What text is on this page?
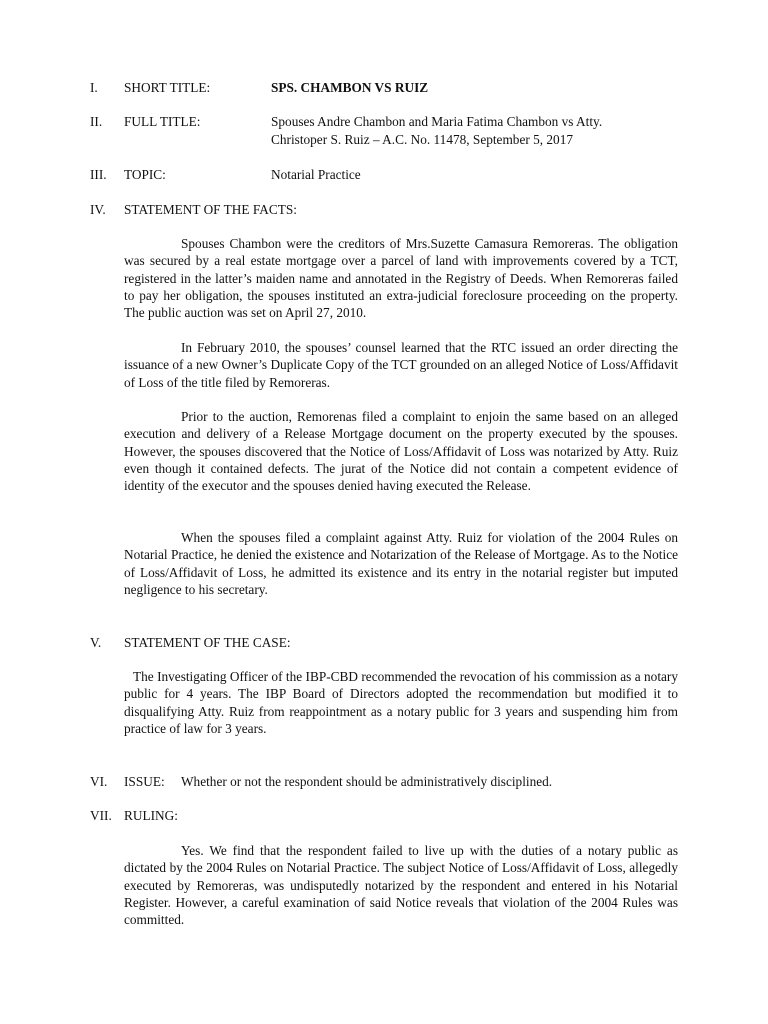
I. SHORT TITLE:	SPS. CHAMBON VS RUIZ
II. FULL TITLE:	Spouses Andre Chambon and Maria Fatima Chambon vs Atty.
Christoper S. Ruiz – A.C. No. 11478, September 5, 2017
III. TOPIC:	Notarial Practice
IV. STATEMENT OF THE FACTS:

Spouses Chambon were the creditors of Mrs.Suzette Camasura Remoreras. The obligation was secured by a real estate mortgage over a parcel of land with improvements covered by a TCT, registered in the latter’s maiden name and annotated in the Registry of Deeds. When Remoreras failed to pay her obligation, the spouses instituted an extra-judicial foreclosure proceeding on the property. The public auction was set on April 27, 2010.

In February 2010, the spouses’ counsel learned that the RTC issued an order directing the issuance of a new Owner’s Duplicate Copy of the TCT grounded on an alleged Notice of Loss/Affidavit of Loss of the title filed by Remoreras.

Prior to the auction, Remorenas filed a complaint to enjoin the same based on an alleged execution and delivery of a Release Mortgage document on the property executed by the spouses. However, the spouses discovered that the Notice of Loss/Affidavit of Loss was notarized by Atty. Ruiz even though it contained defects. The jurat of the Notice did not contain a competent evidence of identity of the executor and the spouses denied having executed the Release.

When the spouses filed a complaint against Atty. Ruiz for violation of the 2004 Rules on Notarial Practice, he denied the existence and Notarization of the Release of Mortgage. As to the Notice of Loss/Affidavit of Loss, he admitted its existence and its entry in the notarial register but imputed negligence to his secretary.

V. STATEMENT OF THE CASE:

The Investigating Officer of the IBP-CBD recommended the revocation of his commission as a notary public for 4 years. The IBP Board of Directors adopted the recommendation but modified it to disqualifying Atty. Ruiz from reappointment as a notary public for 3 years and suspending him from practice of law for 3 years.

VI. ISSUE: Whether or not the respondent should be administratively disciplined.
VII. RULING:

Yes. We find that the respondent failed to live up with the duties of a notary public as dictated by the 2004 Rules on Notarial Practice. The subject Notice of Loss/Affidavit of Loss, allegedly executed by Remoreras, was undisputedly notarized by the respondent and entered in his Notarial Register. However, a careful examination of said Notice reveals that violation of the 2004 Rules was committed.
